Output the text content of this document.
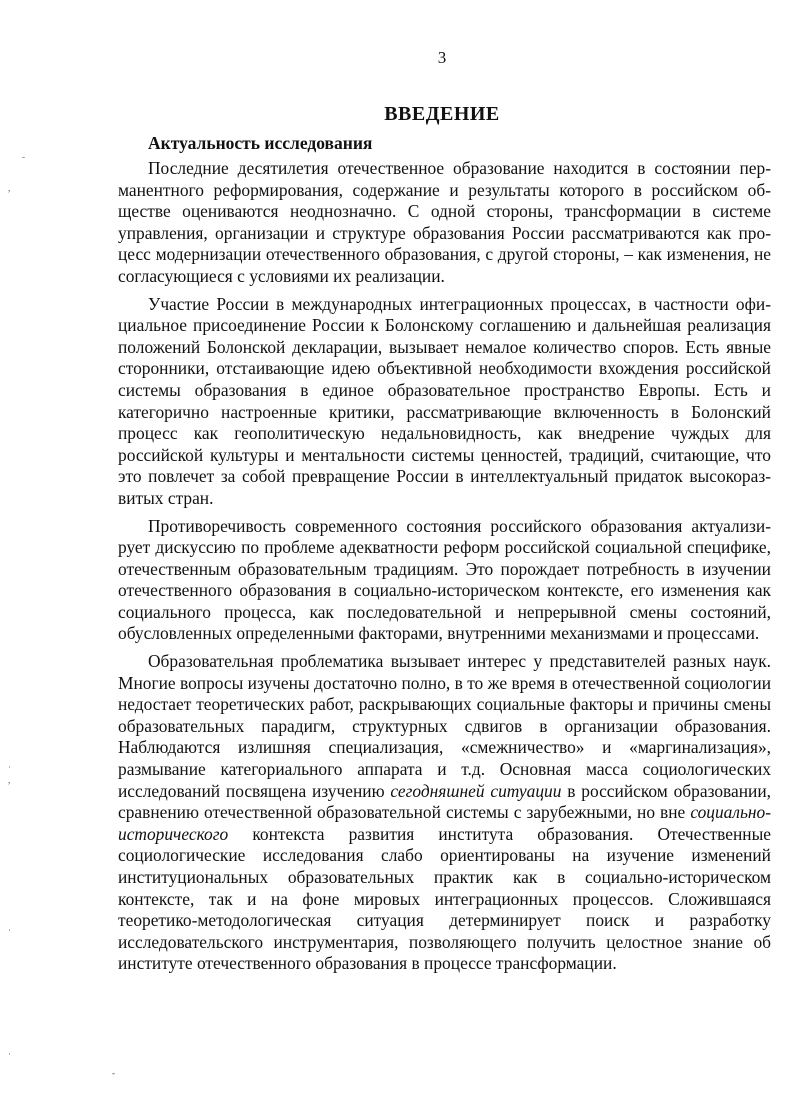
3
ВВЕДЕНИЕ
Актуальность исследования

Последние десятилетия отечественное образование находится в состоянии перманентного реформирования, содержание и результаты которого в российском обществе оцениваются неоднозначно. С одной стороны, трансформации в системе управления, организации и структуре образования России рассматриваются как процесс модернизации отечественного образования, с другой стороны, – как изменения, не согласующиеся с условиями их реализации.

Участие России в международных интеграционных процессах, в частности официальное присоединение России к Болонскому соглашению и дальнейшая реализация положений Болонской декларации, вызывает немалое количество споров. Есть явные сторонники, отстаивающие идею объективной необходимости вхождения российской системы образования в единое образовательное пространство Европы. Есть и категорично настроенные критики, рассматривающие включенность в Болонский процесс как геополитическую недальновидность, как внедрение чуждых для российской культуры и ментальности системы ценностей, традиций, считающие, что это повлечет за собой превращение России в интеллектуальный придаток высокоразвитых стран.

Противоречивость современного состояния российского образования актуализирует дискуссию по проблеме адекватности реформ российской социальной специфике, отечественным образовательным традициям. Это порождает потребность в изучении отечественного образования в социально-историческом контексте, его изменения как социального процесса, как последовательной и непрерывной смены состояний, обусловленных определенными факторами, внутренними механизмами и процессами.

Образовательная проблематика вызывает интерес у представителей разных наук. Многие вопросы изучены достаточно полно, в то же время в отечественной социологии недостает теоретических работ, раскрывающих социальные факторы и причины смены образовательных парадигм, структурных сдвигов в организации образования. Наблюдаются излишняя специализация, «смежничество» и «маргинализация», размывание категориального аппарата и т.д. Основная масса социологических исследований посвящена изучению сегодняшней ситуации в российском образовании, сравнению отечественной образовательной системы с зарубежными, но вне социально-исторического контекста развития института образования. Отечественные социологические исследования слабо ориентированы на изучение изменений институциональных образовательных практик как в социально-историческом контексте, так и на фоне мировых интеграционных процессов. Сложившаяся теоретико-методологическая ситуация детерминирует поиск и разработку исследовательского инструментария, позволяющего получить целостное знание об институте отечественного образования в процессе трансформации.

ˉ
,
ʾ
,
ʾ
ʿ
-
